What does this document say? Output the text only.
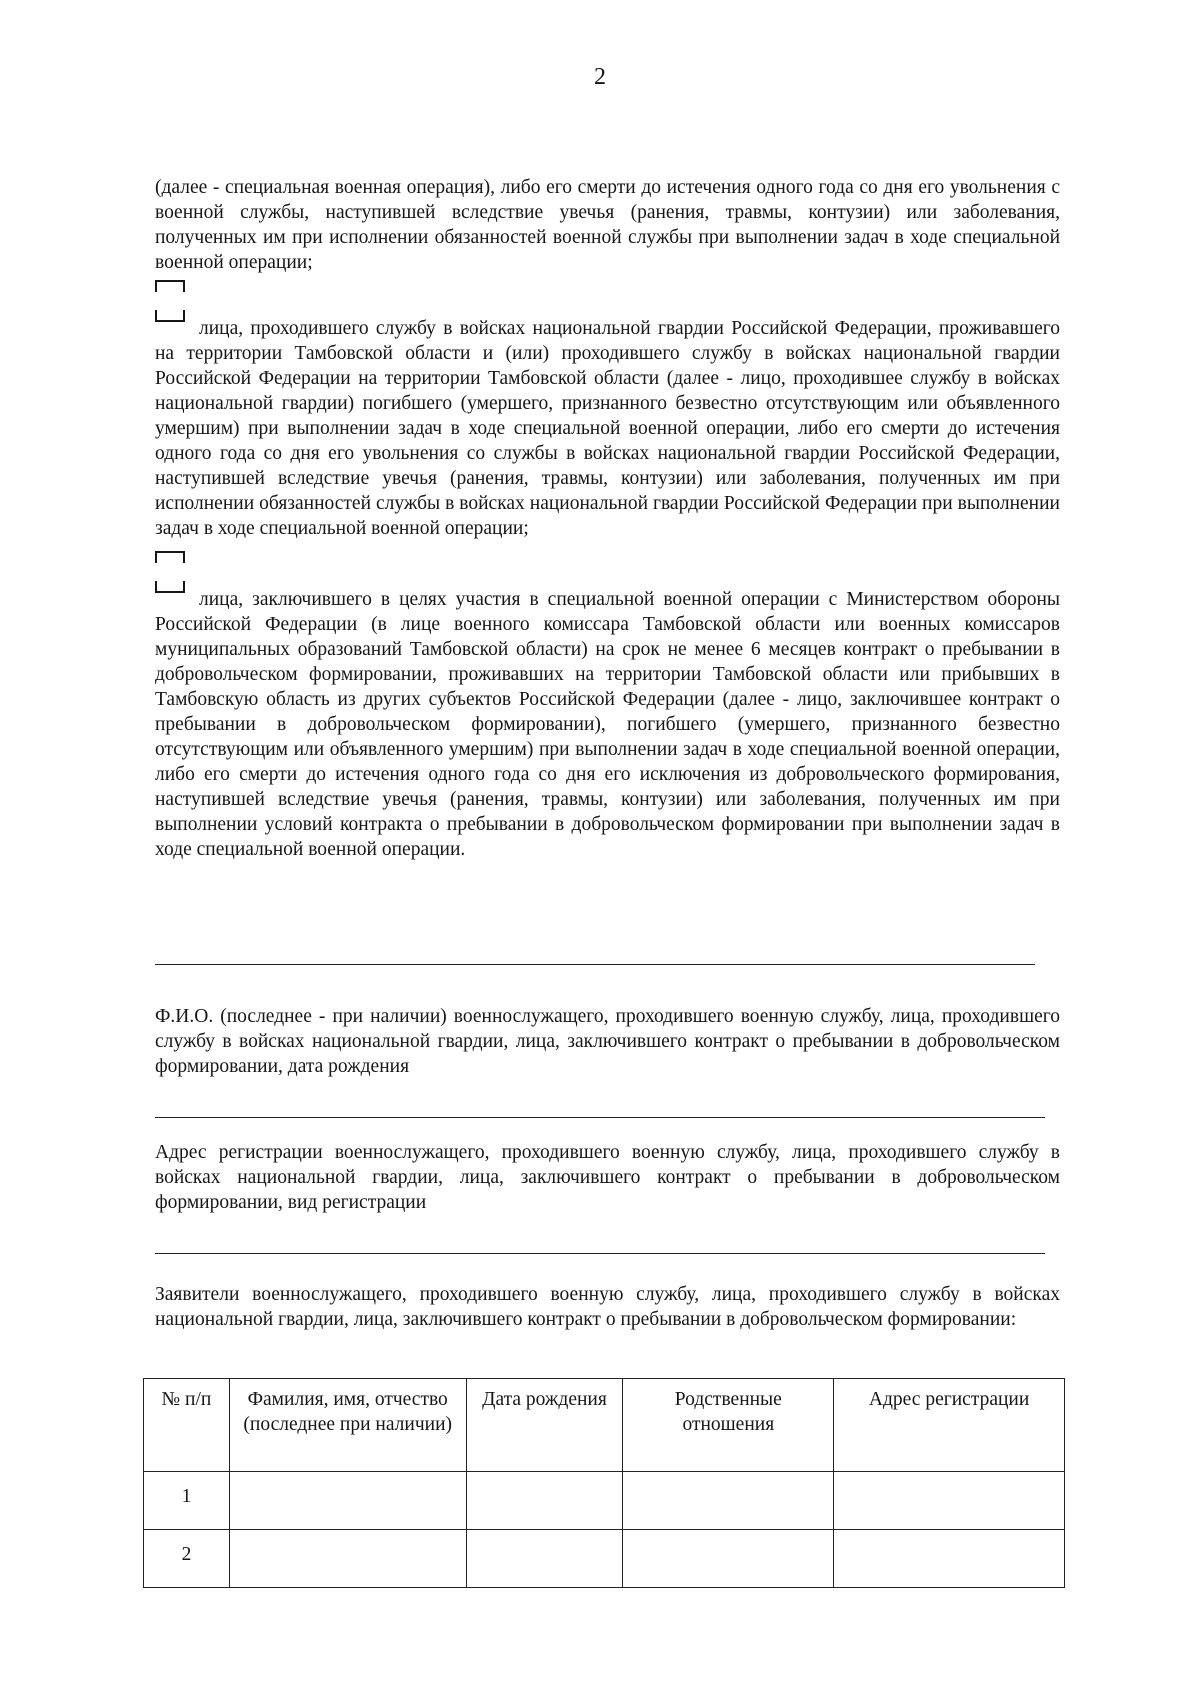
2

(далее - специальная военная операция), либо его смерти до истечения одного года со дня его увольнения с военной службы, наступившей вследствие увечья (ранения, травмы, контузии) или заболевания, полученных им при исполнении обязанностей военной службы при выполнении задач в ходе специальной военной операции;

лица, проходившего службу в войсках национальной гвардии Российской Федерации, проживавшего на территории Тамбовской области и (или) проходившего службу в войсках национальной гвардии Российской Федерации на территории Тамбовской области (далее - лицо, проходившее службу в войсках национальной гвардии) погибшего (умершего, признанного безвестно отсутствующим или объявленного умершим) при выполнении задач в ходе специальной военной операции, либо его смерти до истечения одного года со дня его увольнения со службы в войсках национальной гвардии Российской Федерации, наступившей вследствие увечья (ранения, травмы, контузии) или заболевания, полученных им при исполнении обязанностей службы в войсках национальной гвардии Российской Федерации при выполнении задач в ходе специальной военной операции;

лица, заключившего в целях участия в специальной военной операции с Министерством обороны Российской Федерации (в лице военного комиссара Тамбовской области или военных комиссаров муниципальных образований Тамбовской области) на срок не менее 6 месяцев контракт о пребывании в добровольческом формировании, проживавших на территории Тамбовской области или прибывших в Тамбовскую область из других субъектов Российской Федерации (далее - лицо, заключившее контракт о пребывании в добровольческом формировании), погибшего (умершего, признанного безвестно отсутствующим или объявленного умершим) при выполнении задач в ходе специальной военной операции, либо его смерти до истечения одного года со дня его исключения из добровольческого формирования, наступившей вследствие увечья (ранения, травмы, контузии) или заболевания, полученных им при выполнении условий контракта о пребывании в добровольческом формировании при выполнении задач в ходе специальной военной операции.

Ф.И.О. (последнее - при наличии) военнослужащего, проходившего военную службу, лица, проходившего службу в войсках национальной гвардии, лица, заключившего контракт о пребывании в добровольческом формировании, дата рождения

Адрес регистрации военнослужащего, проходившего военную службу, лица, проходившего службу в войсках национальной гвардии, лица, заключившего контракт о пребывании в добровольческом формировании, вид регистрации

Заявители военнослужащего, проходившего военную службу, лица, проходившего службу в войсках национальной гвардии, лица, заключившего контракт о пребывании в добровольческом формировании:

№ п/п	Фамилия, имя, отчество (последнее при наличии)	Дата рождения	Родственные отношения	Адрес регистрации
1				
2				
